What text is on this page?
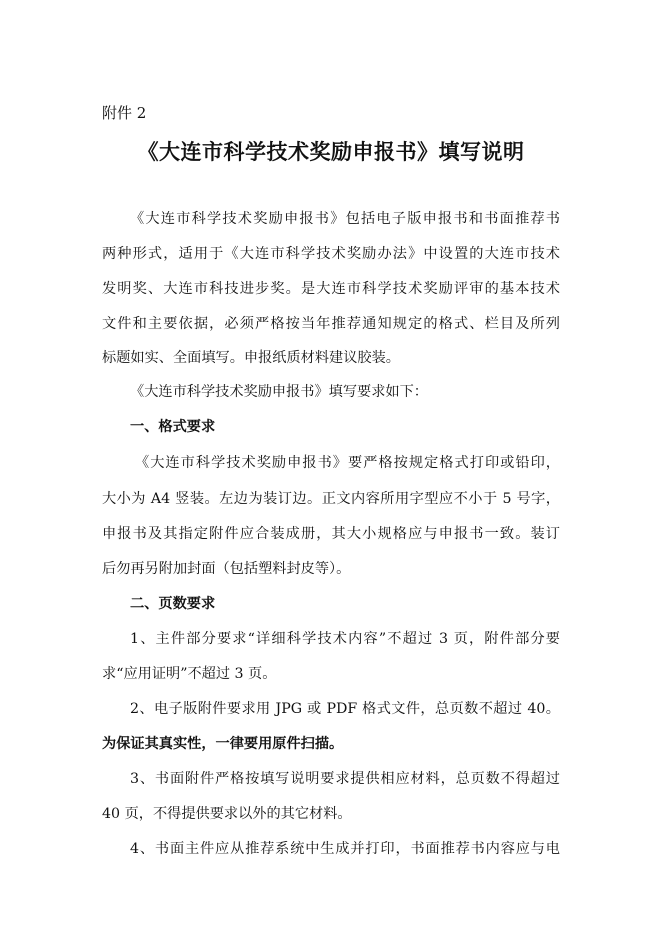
附件 2
《大连市科学技术奖励申报书》填写说明
《大连市科学技术奖励申报书》包括电子版申报书和书面推荐书
两种形式，适用于《大连市科学技术奖励办法》中设置的大连市技术
发明奖、大连市科技进步奖。是大连市科学技术奖励评审的基本技术
文件和主要依据，必须严格按当年推荐通知规定的格式、栏目及所列
标题如实、全面填写。申报纸质材料建议胶装。
《大连市科学技术奖励申报书》填写要求如下：
一、格式要求
《大连市科学技术奖励申报书》要严格按规定格式打印或铅印，
大小为 A4 竖装。左边为装订边。正文内容所用字型应不小于 5 号字，
申报书及其指定附件应合装成册，其大小规格应与申报书一致。装订
后勿再另附加封面（包括塑料封皮等）。
二、页数要求
1、主件部分要求“详细科学技术内容”不超过 3 页，附件部分要
求“应用证明”不超过 3 页。
2、电子版附件要求用 JPG 或 PDF 格式文件，总页数不超过 40。
为保证其真实性，一律要用原件扫描。
3、书面附件严格按填写说明要求提供相应材料，总页数不得超过
40 页，不得提供要求以外的其它材料。
4、书面主件应从推荐系统中生成并打印，书面推荐书内容应与电
